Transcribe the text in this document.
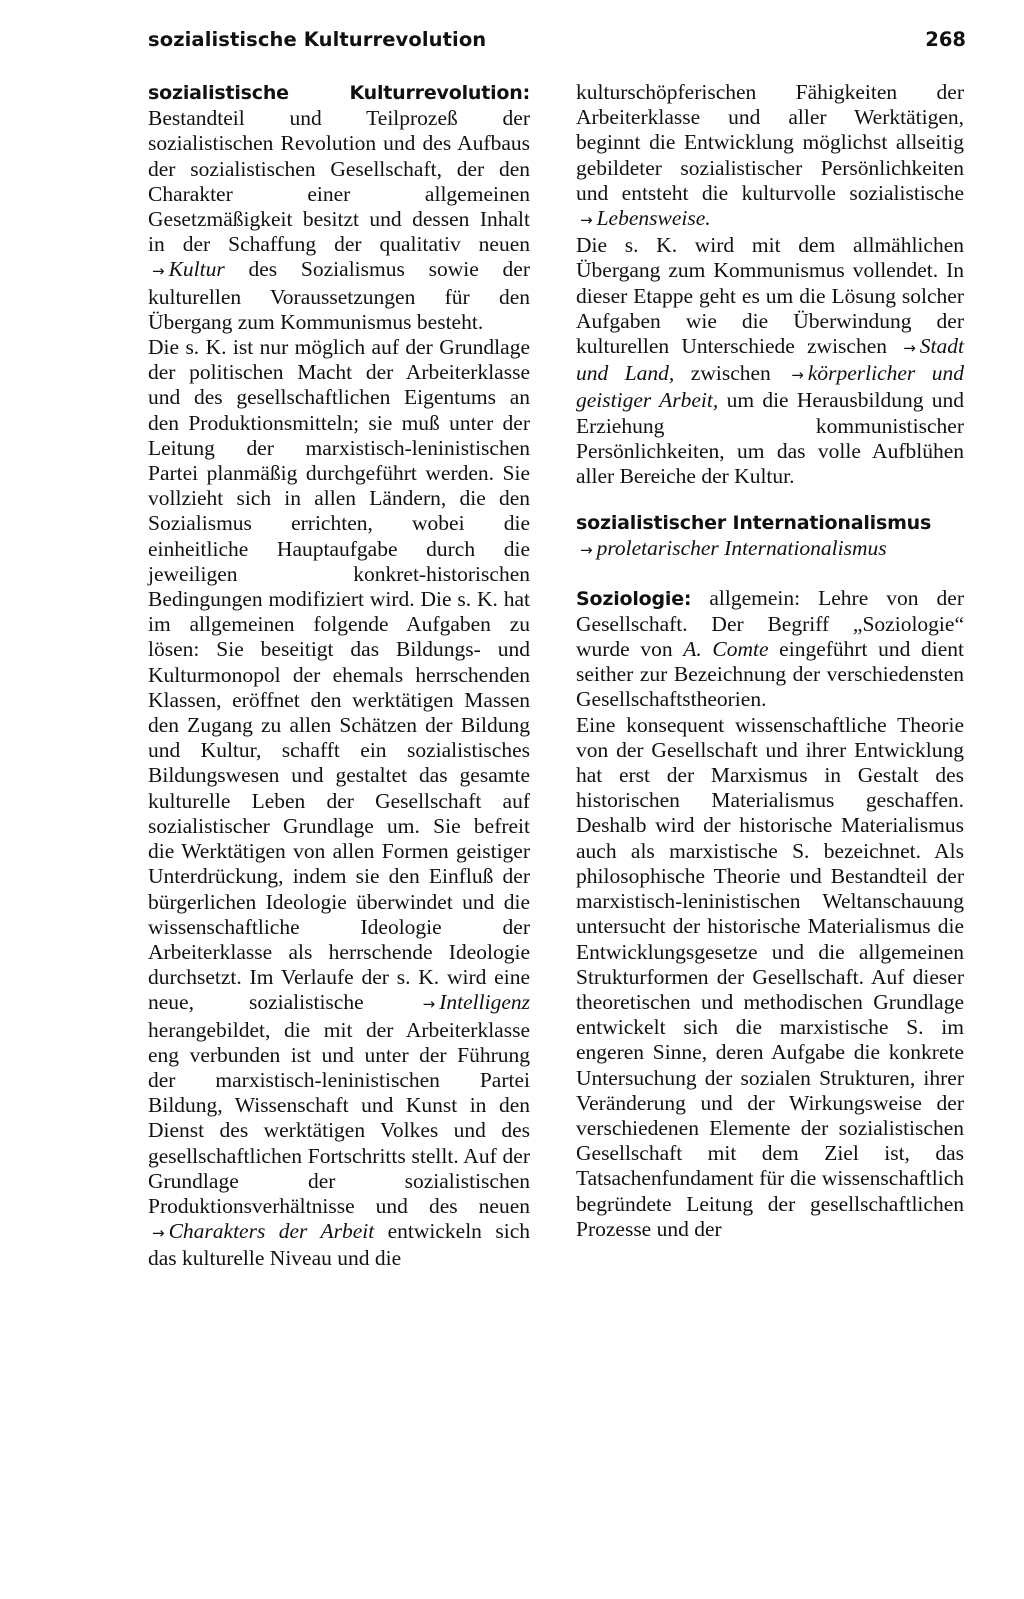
sozialistische Kulturrevolution	268

sozialistische Kulturrevolution: Bestandteil und Teilprozeß der sozialistischen Revolution und des Aufbaus der sozialistischen Gesellschaft, der den Charakter einer allgemeinen Gesetzmäßigkeit besitzt und dessen Inhalt in der Schaffung der qualitativ neuen → Kultur des Sozialismus sowie der kulturellen Voraussetzungen für den Übergang zum Kommunismus besteht.

Die s. K. ist nur möglich auf der Grundlage der politischen Macht der Arbeiterklasse und des gesellschaftlichen Eigentums an den Produktionsmitteln; sie muß unter der Leitung der marxistisch-leninistischen Partei planmäßig durchgeführt werden. Sie vollzieht sich in allen Ländern, die den Sozialismus errichten, wobei die einheitliche Hauptaufgabe durch die jeweiligen konkret-historischen Bedingungen modifiziert wird. Die s. K. hat im allgemeinen folgende Aufgaben zu lösen: Sie beseitigt das Bildungs- und Kulturmonopol der ehemals herrschenden Klassen, eröffnet den werktätigen Massen den Zugang zu allen Schätzen der Bildung und Kultur, schafft ein sozialistisches Bildungswesen und gestaltet das gesamte kulturelle Leben der Gesellschaft auf sozialistischer Grundlage um. Sie befreit die Werktätigen von allen Formen geistiger Unterdrückung, indem sie den Einfluß der bürgerlichen Ideologie überwindet und die wissenschaftliche Ideologie der Arbeiterklasse als herrschende Ideologie durchsetzt. Im Verlaufe der s. K. wird eine neue, sozialistische	→ Intelligenz herangebildet, die mit der Arbeiterklasse eng verbunden ist und unter der Führung der marxistisch-leninistischen Partei Bildung, Wissenschaft und Kunst in den Dienst des werktätigen Volkes und des gesellschaftlichen Fortschritts stellt. Auf der Grundlage der sozialistischen Produktionsverhältnisse und des neuen → Charakters der Arbeit entwickeln sich das kulturelle Niveau und die

kulturschöpferischen Fähigkeiten der Arbeiterklasse und aller Werktätigen, beginnt die Entwicklung möglichst allseitig gebildeter sozialistischer Persönlichkeiten und entsteht die kulturvolle sozialistische → Lebensweise.

Die s. K. wird mit dem allmählichen Übergang zum Kommunismus vollendet. In dieser Etappe geht es um die Lösung solcher Aufgaben wie die Überwindung der kulturellen Unterschiede zwischen → Stadt und Land, zwischen → körperlicher und geistiger Arbeit, um die Herausbildung und Erziehung kommunistischer Persönlichkeiten, um das volle Aufblühen aller Bereiche der Kultur.

sozialistischer Internationalismus

→ proletarischer Internationalismus

Soziologie: allgemein: Lehre von der Gesellschaft. Der Begriff „Soziologie“ wurde von A. Comte eingeführt und dient seither zur Bezeichnung der verschiedensten Gesellschaftstheorien.

Eine konsequent wissenschaftliche Theorie von der Gesellschaft und ihrer Entwicklung hat erst der Marxismus in Gestalt des historischen Materialismus geschaffen. Deshalb wird der historische Materialismus auch als marxistische S. bezeichnet. Als philosophische Theorie und Bestandteil der marxistisch-leninistischen Weltanschauung untersucht der historische Materialismus die Entwicklungsgesetze und die allgemeinen Strukturformen der Gesellschaft. Auf dieser theoretischen und methodischen Grundlage entwickelt sich die marxistische S. im engeren Sinne, deren Aufgabe die konkrete Untersuchung der sozialen Strukturen, ihrer Veränderung und der Wirkungsweise der verschiedenen Elemente der sozialistischen Gesellschaft mit dem Ziel ist, das Tatsachenfundament für die wissenschaftlich begründete Leitung der gesellschaftlichen Prozesse und der
